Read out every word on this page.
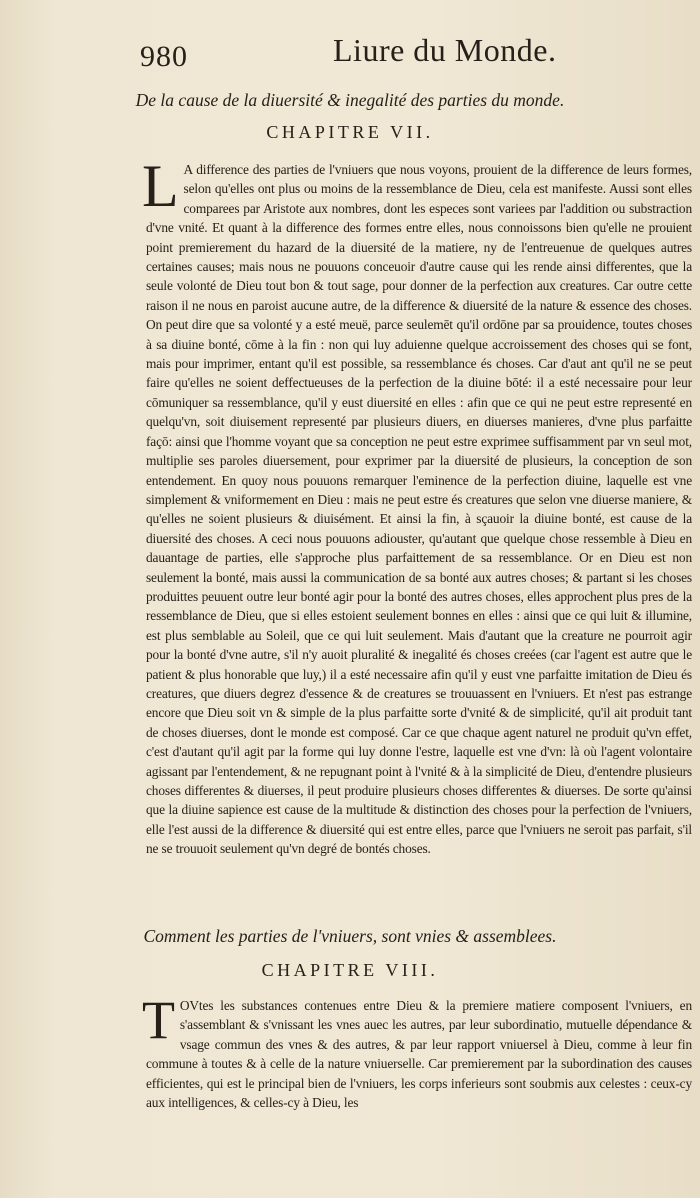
980	Liure du Monde.
De la cause de la diuersité & inegalité des parties du monde.
CHAPITRE VII.

L A difference des parties de l'vniuers que nous voyons, prouient de la difference de leurs formes, selon qu'elles ont plus ou moins de la ressemblance de Dieu, cela est manifeste. Aussi sont elles comparees par Aristote aux nombres, dont les especes sont variees par l'addition ou substraction d'vne vnité. Et quant à la difference des formes entre elles, nous connoissons bien qu'elle ne prouient point premierement du hazard de la diuersité de la matiere, ny de l'entreuenue de quelques autres certaines causes; mais nous ne pouuons conceuoir d'autre cause qui les rende ainsi differentes, que la seule volonté de Dieu tout bon & tout sage, pour donner de la perfection aux creatures. Car outre cette raison il ne nous en paroist aucune autre, de la difference & diuersité de la nature & essence des choses. On peut dire que sa volonté y a esté meuë, parce seulemēt qu'il ordōne par sa prouidence, toutes choses à sa diuine bonté, cōme à la fin : non qui luy aduienne quelque accroissement des choses qui se font, mais pour imprimer, entant qu'il est possible, sa ressemblance és choses. Car d'aut ant qu'il ne se peut faire qu'elles ne soient deffectueuses de la perfection de la diuine bōté: il a esté necessaire pour leur cōmuniquer sa ressemblance, qu'il y eust diuersité en elles : afin que ce qui ne peut estre representé en quelqu'vn, soit diuisement representé par plusieurs diuers, en diuerses manieres, d'vne plus parfaitte façō: ainsi que l'homme voyant que sa conception ne peut estre exprimee suffisamment par vn seul mot, multiplie ses paroles diuersement, pour exprimer par la diuersité de plusieurs, la conception de son entendement. En quoy nous pouuons remarquer l'eminence de la perfection diuine, laquelle est vne simplement & vniformement en Dieu : mais ne peut estre és creatures que selon vne diuerse maniere, & qu'elles ne soient plusieurs & diuisément. Et ainsi la fin, à sçauoir la diuine bonté, est cause de la diuersité des choses. A ceci nous pouuons adiouster, qu'autant que quelque chose ressemble à Dieu en dauantage de parties, elle s'approche plus parfaittement de sa ressemblance. Or en Dieu est non seulement la bonté, mais aussi la communication de sa bonté aux autres choses; & partant si les choses produittes peuuent outre leur bonté agir pour la bonté des autres choses, elles approchent plus pres de la ressemblance de Dieu, que si elles estoient seulement bonnes en elles : ainsi que ce qui luit & illumine, est plus semblable au Soleil, que ce qui luit seulement. Mais d'autant que la creature ne pourroit agir pour la bonté d'vne autre, s'il n'y auoit pluralité & inegalité és choses creées (car l'agent est autre que le patient & plus honorable que luy,) il a esté necessaire afin qu'il y eust vne parfaitte imitation de Dieu és creatures, que diuers degrez d'essence & de creatures se trouuassent en l'vniuers. Et n'est pas estrange encore que Dieu soit vn & simple de la plus parfaitte sorte d'vnité & de simplicité, qu'il ait produit tant de choses diuerses, dont le monde est composé. Car ce que chaque agent naturel ne produit qu'vn effet, c'est d'autant qu'il agit par la forme qui luy donne l'estre, laquelle est vne d'vn: là où l'agent volontaire agissant par l'entendement, & ne repugnant point à l'vnité & à la simplicité de Dieu, d'entendre plusieurs choses differentes & diuerses, il peut produire plusieurs choses differentes & diuerses. De sorte qu'ainsi que la diuine sapience est cause de la multitude & distinction des choses pour la perfection de l'vniuers, elle l'est aussi de la difference & diuersité qui est entre elles, parce que l'vniuers ne seroit pas parfait, s'il ne se trouuoit seulement qu'vn degré de bontés choses.

Comment les parties de l'vniuers, sont vnies & assemblees.
CHAPITRE VIII.

T OVtes les substances contenues entre Dieu & la premiere matiere composent l'vniuers, en s'assemblant & s'vnissant les vnes auec les autres, par leur subordinatio, mutuelle dépendance & vsage commun des vnes & des autres, & par leur rapport vniuersel à Dieu, comme à leur fin commune à toutes & à celle de la nature vniuerselle. Car premierement par la subordination des causes efficientes, qui est le principal bien de l'vniuers, les corps inferieurs sont soubmis aux celestes : ceux-cy aux intelligences, & celles-cy à Dieu, les
